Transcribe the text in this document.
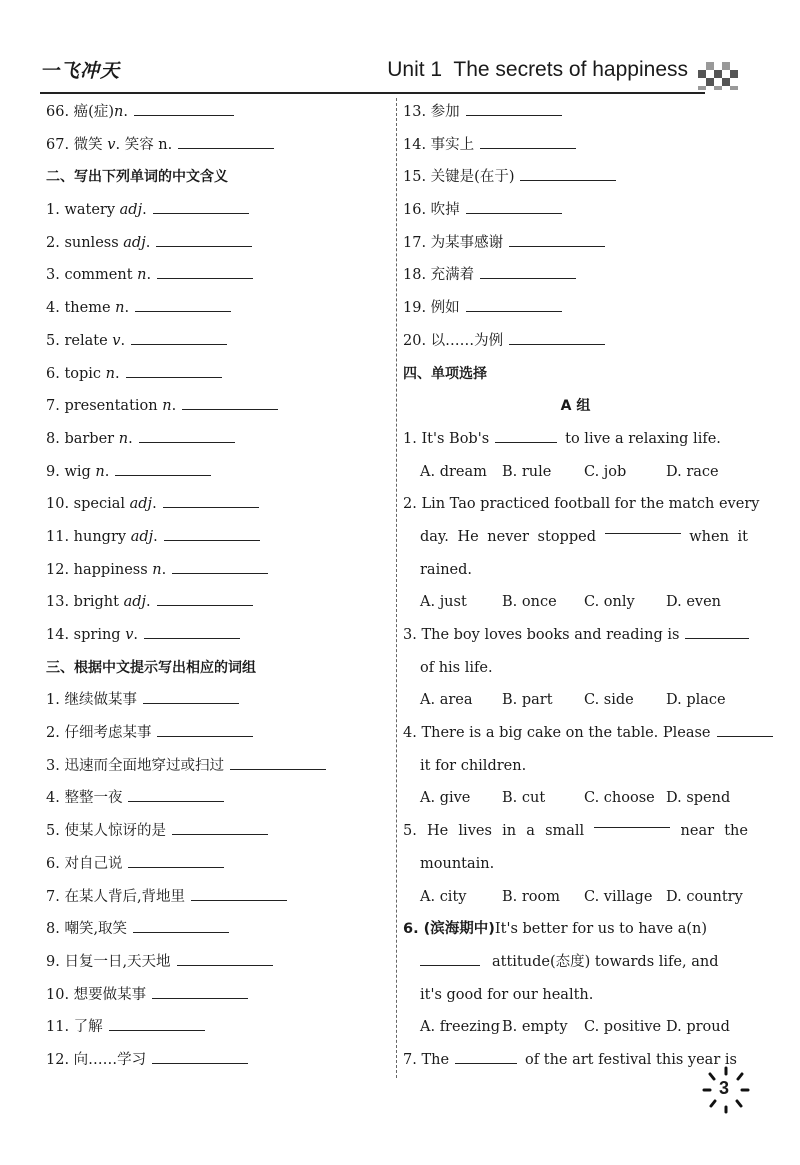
一飞冲天	Unit 1  The secrets of happiness
66. 癌(症)n.
67. 微笑 v. 笑容 n.
二、写出下列单词的中文含义
1. watery adj.
2. sunless adj.
3. comment n.
4. theme n.
5. relate v.
6. topic n.
7. presentation n.
8. barber n.
9. wig n.
10. special adj.
11. hungry adj.
12. happiness n.
13. bright adj.
14. spring v.
三、根据中文提示写出相应的词组
1. 继续做某事
2. 仔细考虑某事
3. 迅速而全面地穿过或扫过
4. 整整一夜
5. 使某人惊讶的是
6. 对自己说
7. 在某人背后,背地里
8. 嘲笑,取笑
9. 日复一日,天天地
10. 想要做某事
11. 了解
12. 向……学习
13. 参加
14. 事实上
15. 关键是(在于)
16. 吹掉
17. 为某事感谢
18. 充满着
19. 例如
20. 以……为例
四、单项选择
A 组
1. It's Bob's	to live a relaxing life.
A. dream	B. rule	C. job	D. race
2. Lin Tao practiced football for the match every
day. He never stopped	when it
rained.
A. just	B. once	C. only	D. even
3. The boy loves books and reading is
of his life.
A. area	B. part	C. side	D. place
4. There is a big cake on the table. Please
it for children.
A. give	B. cut	C. choose D. spend
5. He lives in a small	near the
mountain.
A. city	B. room	C. village D. country
6. (滨海期中)It's better for us to have a(n)
attitude(态度) towards life, and
it's good for our health.
A. freezing B. empty	C. positive D. proud
7. The	of the art festival this year is
3
